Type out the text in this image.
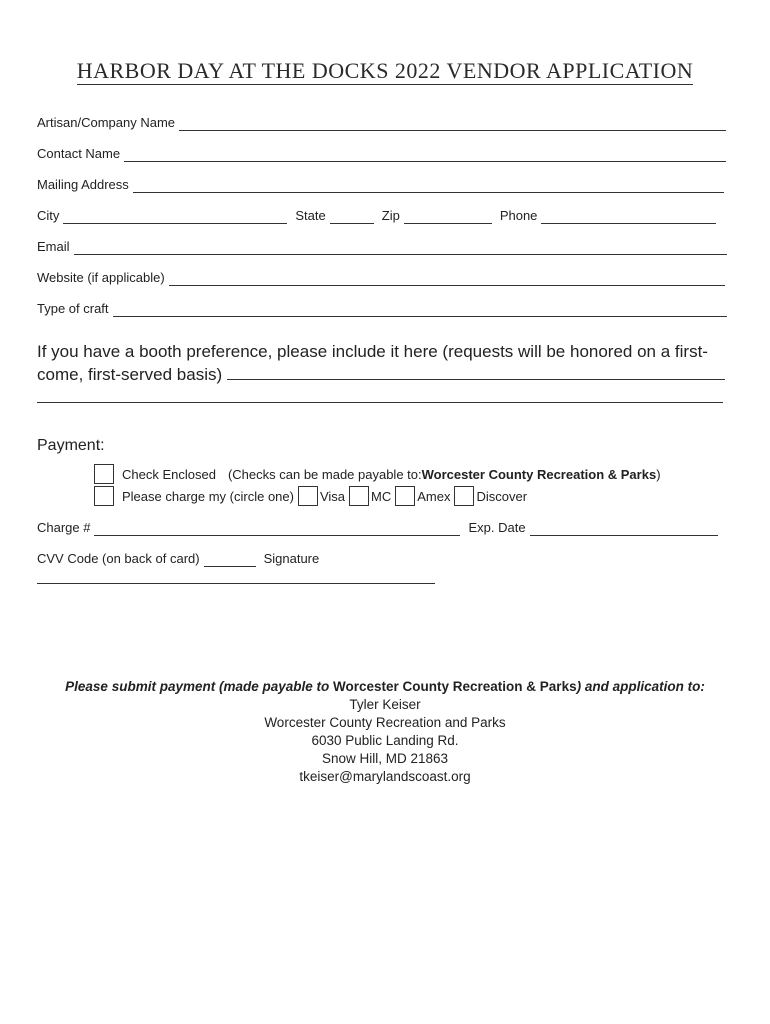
HARBOR DAY AT THE DOCKS 2022 VENDOR APPLICATION
Artisan/Company Name
Contact Name
Mailing Address
City	State	Zip	Phone
Email
Website (if applicable)
Type of craft
If you have a booth preference, please include it here (requests will be honored on a first-come, first-served basis)
Payment:
Check Enclosed (Checks can be made payable to: Worcester County Recreation & Parks )
Please charge my (circle one) Visa MC Amex Discover
Charge #	Exp. Date
CVV Code (on back of card)	Signature
Please submit payment (made payable to Worcester County Recreation & Parks) and application to:
Tyler Keiser
Worcester County Recreation and Parks
6030 Public Landing Rd.
Snow Hill, MD 21863
tkeiser@marylandscoast.org
